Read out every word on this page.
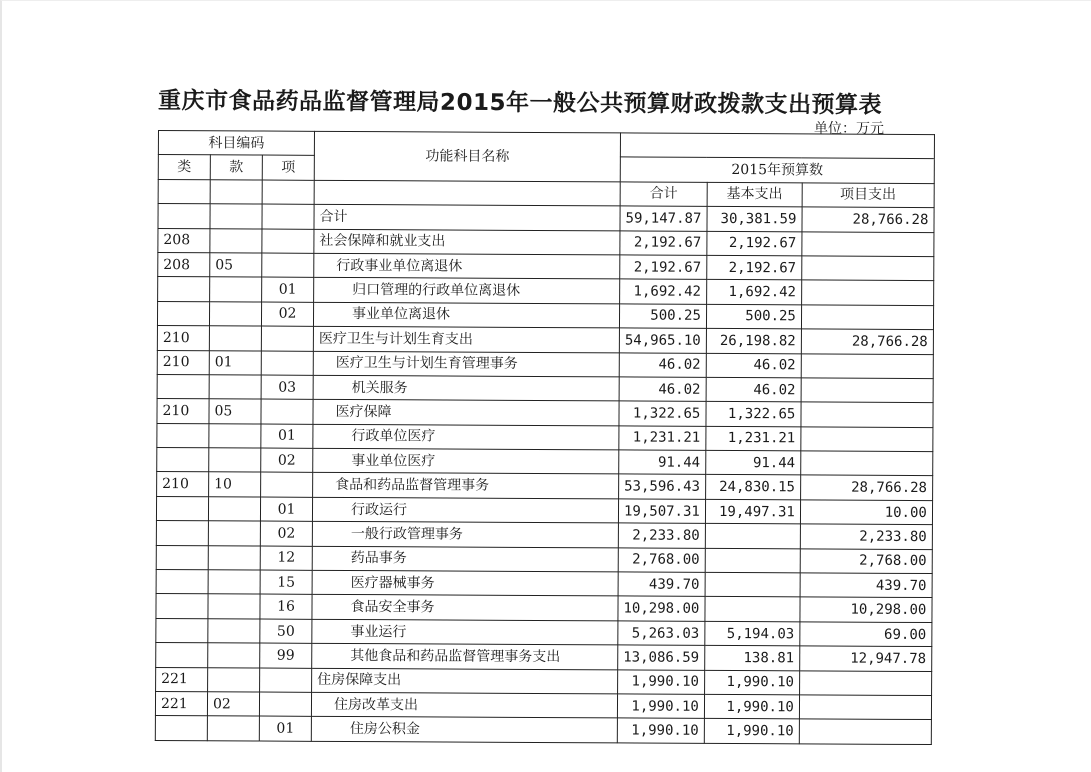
重庆市食品药品监督管理局2015年一般公共预算财政拨款支出预算表
单位：万元
科目编码			功能科目名称			
类	款	项		2015年预算数		
				合计	基本支出	项目支出
			合计	59,147.87	30,381.59	28,766.28
208			社会保障和就业支出	2,192.67	2,192.67	
208	05		行政事业单位离退休	2,192.67	2,192.67	
		01	归口管理的行政单位离退休	1,692.42	1,692.42	
		02	事业单位离退休	500.25	500.25	
210			医疗卫生与计划生育支出	54,965.10	26,198.82	28,766.28
210	01		医疗卫生与计划生育管理事务	46.02	46.02	
		03	机关服务	46.02	46.02	
210	05		医疗保障	1,322.65	1,322.65	
		01	行政单位医疗	1,231.21	1,231.21	
		02	事业单位医疗	91.44	91.44	
210	10		食品和药品监督管理事务	53,596.43	24,830.15	28,766.28
		01	行政运行	19,507.31	19,497.31	10.00
		02	一般行政管理事务	2,233.80		2,233.80
		12	药品事务	2,768.00		2,768.00
		15	医疗器械事务	439.70		439.70
		16	食品安全事务	10,298.00		10,298.00
		50	事业运行	5,263.03	5,194.03	69.00
		99	其他食品和药品监督管理事务支出	13,086.59	138.81	12,947.78
221			住房保障支出	1,990.10	1,990.10	
221	02		住房改革支出	1,990.10	1,990.10	
		01	住房公积金	1,990.10	1,990.10	
